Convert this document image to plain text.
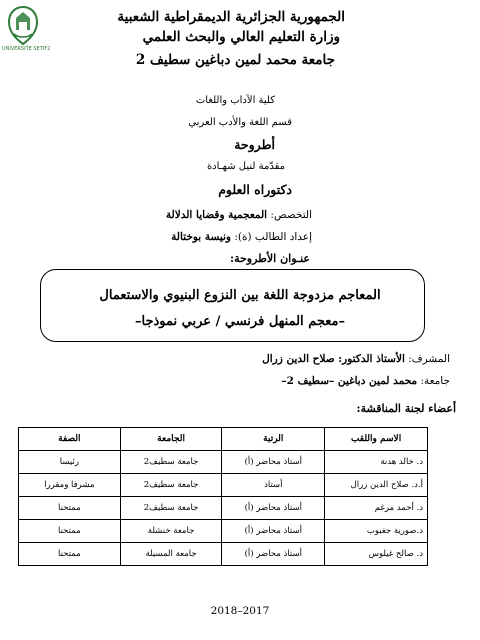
UNIVERSITE SETIF2
الجمهورية الجزائرية الديمقراطية الشعبية
وزارة التعليم العالي والبحث العلمي
جامعة محمد لمين دباغين سطيف 2
كلية الآداب واللغات
قسم اللغة والأدب العربي
أطروحة
مقدّمة لنيل شهـادة
دكتوراه العلوم
التخصص: المعجمية وقضايا الدلالة
إعداد الطالب (ة): ونيسة بوختالة
عنـوان الأطروحة:
المعاجم مزدوجة اللغة بين النزوع البنيوي والاستعمال
–معجم المنهل فرنسي / عربي نموذجا–
المشرف: الأستاذ الدكتور: صلاح الدين زرال
جامعة: محمد لمين دباغين –سطيف 2–
أعضاء لجنة المناقشة:
الاسم واللقب	الرتبة	الجامعة	الصفة
د. خالد هدنة	أستاذ محاضر (أ)	جامعة سطيف2	رئيسا
أ.د. صلاح الدين زرال	أستاذ	جامعة سطيف2	مشرفا ومقررا
د. أحمد مرغم	أستاذ محاضر (أ)	جامعة سطيف2	ممتحنا
د.صورية جغبوب	أستاذ محاضر (أ)	جامعة خنشلة	ممتحنا
د. صالح غيلوس	أستاذ محاضر (أ)	جامعة المسيلة	ممتحنا
2018–2017
